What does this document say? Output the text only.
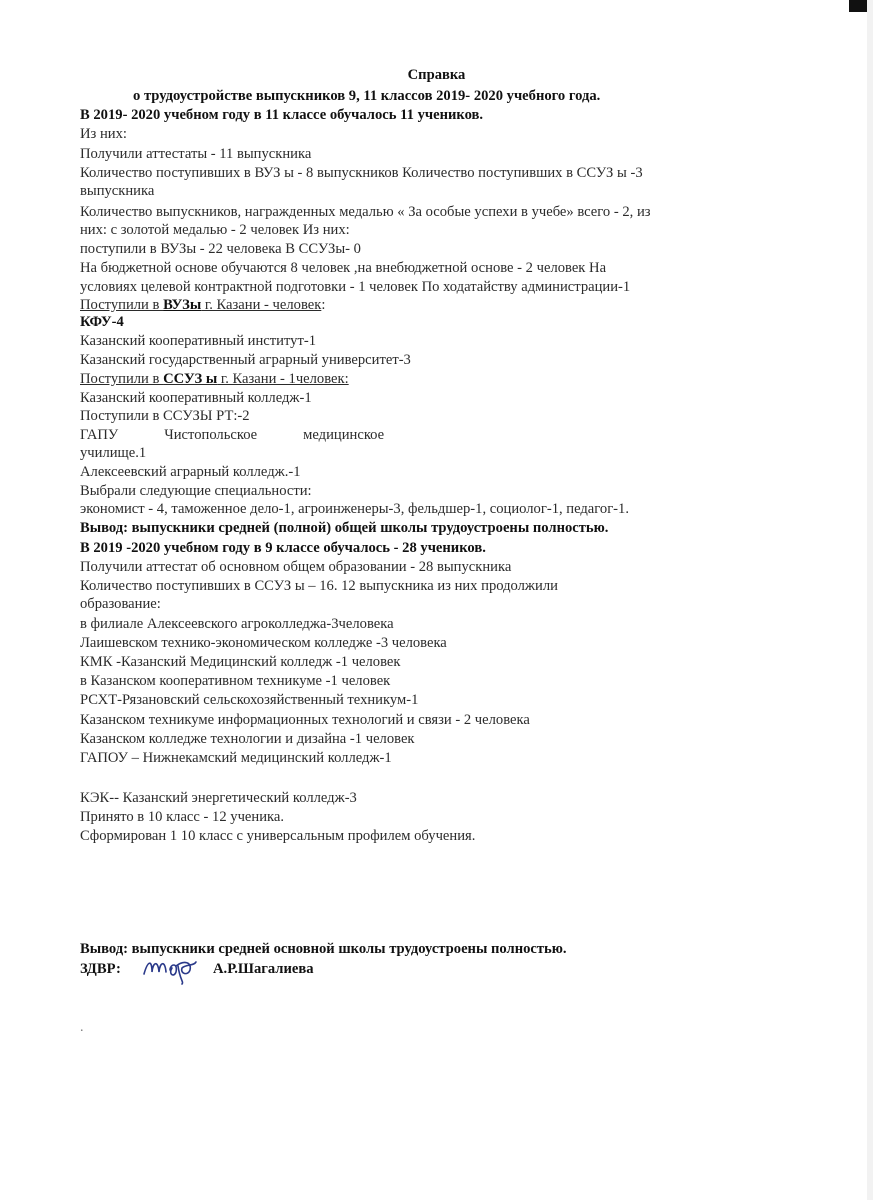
Справка
о трудоустройстве выпускников 9, 11 классов 2019- 2020 учебного года.
В 2019- 2020 учебном году в 11 классе обучалось 11 учеников.
Из них:
Получили аттестаты - 11 выпускника
Количество поступивших в ВУЗ ы - 8 выпускников Количество поступивших в ССУЗ ы -3
выпускника
Количество выпускников, награжденных медалью « За особые успехи в учебе» всего - 2, из
них: с золотой медалью - 2 человек Из них:
поступили в ВУЗы - 22 человека В ССУЗы- 0
На бюджетной основе обучаются 8 человек ,на внебюджетной основе - 2 человек На
условиях целевой контрактной подготовки - 1 человек По ходатайству администрации-1
Поступили в ВУЗы г. Казани - человек:
КФУ-4
Казанский кооперативный институт-1
Казанский государственный аграрный университет-3
Поступили в ССУЗ ы г. Казани - 1человек:
Казанский кооперативный колледж-1
Поступили в ССУЗЫ РТ:-2
ГАПУ	Чистопольское	медицинское
училище.1
Алексеевский аграрный колледж.-1
Выбрали следующие специальности:
экономист - 4, таможенное дело-1, агроинженеры-3, фельдшер-1, социолог-1, педагог-1.
Вывод: выпускники средней (полной) общей школы трудоустроены полностью.
В 2019 -2020 учебном году в 9 классе обучалось - 28 учеников.
Получили аттестат об основном общем образовании - 28 выпускника
Количество поступивших в ССУЗ ы – 16. 12 выпускника из них продолжили
образование:
в филиале Алексеевского агроколледжа-3человека
Лаишевском технико-экономическом колледже -3 человека
КМК -Казанский Медицинский колледж -1 человек
в Казанском кооперативном техникуме -1 человек
РСХТ-Рязановский сельскохозяйственный техникум-1
Казанском техникуме информационных технологий и связи - 2 человека
Казанском колледже технологии и дизайна -1 человек
ГАПОУ – Нижнекамский медицинский колледж-1
КЭК-- Казанский энергетический колледж-3
Принято в 10 класс - 12 ученика.
Сформирован 1 10 класс с универсальным профилем обучения.
Вывод: выпускники средней основной школы трудоустроены полностью.
ЗДВР:	А.Р.Шагалиева
.
